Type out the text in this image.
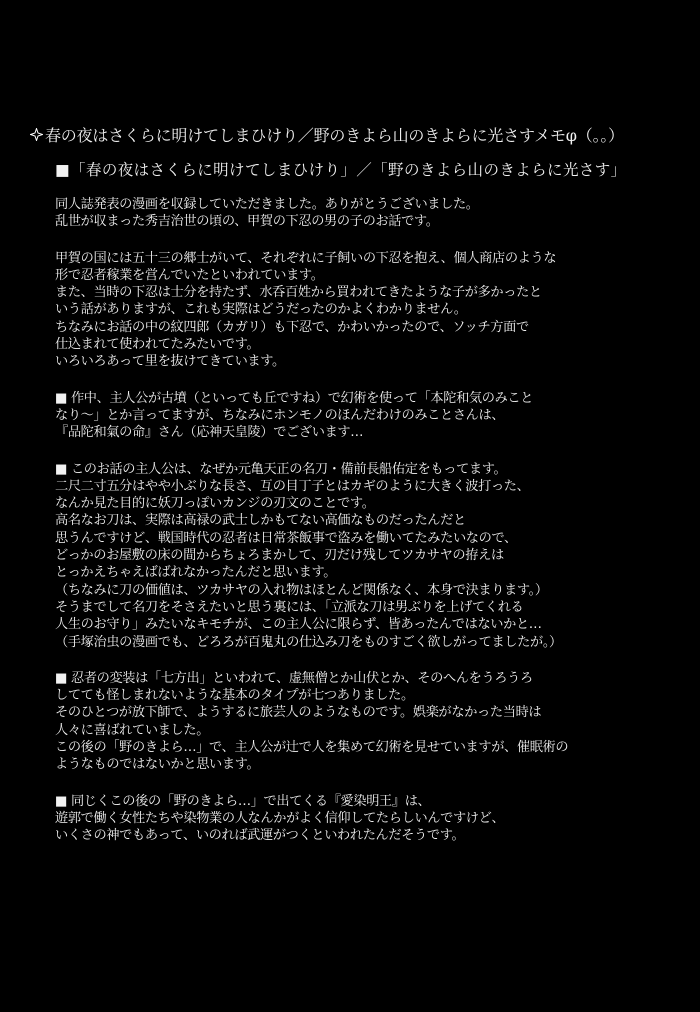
春の夜はさくらに明けてしまひけり／野のきよら山のきよらに光さすメモφ（。。）
■「春の夜はさくらに明けてしまひけり」／「野のきよら山のきよらに光さす」
同人誌発表の漫画を収録していただきました。ありがとうございました。
乱世が収まった秀吉治世の頃の、甲賀の下忍の男の子のお話です。
甲賀の国には五十三の郷士がいて、それぞれに子飼いの下忍を抱え、個人商店のような
形で忍者稼業を営んでいたといわれています。
また、当時の下忍は士分を持たず、水呑百姓から買われてきたような子が多かったと
いう話がありますが、これも実際はどうだったのかよくわかりません。
ちなみにお話の中の紋四郎（カガリ）も下忍で、かわいかったので、ソッチ方面で
仕込まれて使われてたみたいです。
いろいろあって里を抜けてきています。
■ 作中、主人公が古墳（といっても丘ですね）で幻術を使って「本陀和気のみこと
なり～」とか言ってますが、ちなみにホンモノのほんだわけのみことさんは、
『品陀和氣の命』さん（応神天皇陵）でございます…
■ このお話の主人公は、なぜか元亀天正の名刀・備前長船佑定をもってます。
二尺二寸五分はやや小ぶりな長さ、互の目丁子とはカギのように大きく波打った、
なんか見た目的に妖刀っぽいカンジの刃文のことです。
高名なお刀は、実際は高禄の武士しかもてない高価なものだったんだと
思うんですけど、戦国時代の忍者は日常茶飯事で盗みを働いてたみたいなので、
どっかのお屋敷の床の間からちょろまかして、刃だけ残してツカサヤの拵えは
とっかえちゃえばばれなかったんだと思います。
（ちなみに刀の価値は、ツカサヤの入れ物はほとんど関係なく、本身で決まります。）
そうまでして名刀をそさえたいと思う裏には、「立派な刀は男ぶりを上げてくれる
人生のお守り」みたいなキモチが、この主人公に限らず、皆あったんではないかと…
（手塚治虫の漫画でも、どろろが百鬼丸の仕込み刀をものすごく欲しがってましたが。）
■ 忍者の変装は「七方出」といわれて、虚無僧とか山伏とか、そのへんをうろうろ
してても怪しまれないような基本のタイプが七つありました。
そのひとつが放下師で、ようするに旅芸人のようなものです。娯楽がなかった当時は
人々に喜ばれていました。
この後の「野のきよら…」で、主人公が辻で人を集めて幻術を見せていますが、催眠術の
ようなものではないかと思います。
■ 同じくこの後の「野のきよら…」で出てくる『愛染明王』は、
遊郭で働く女性たちや染物業の人なんかがよく信仰してたらしいんですけど、
いくさの神でもあって、いのれば武運がつくといわれたんだそうです。
